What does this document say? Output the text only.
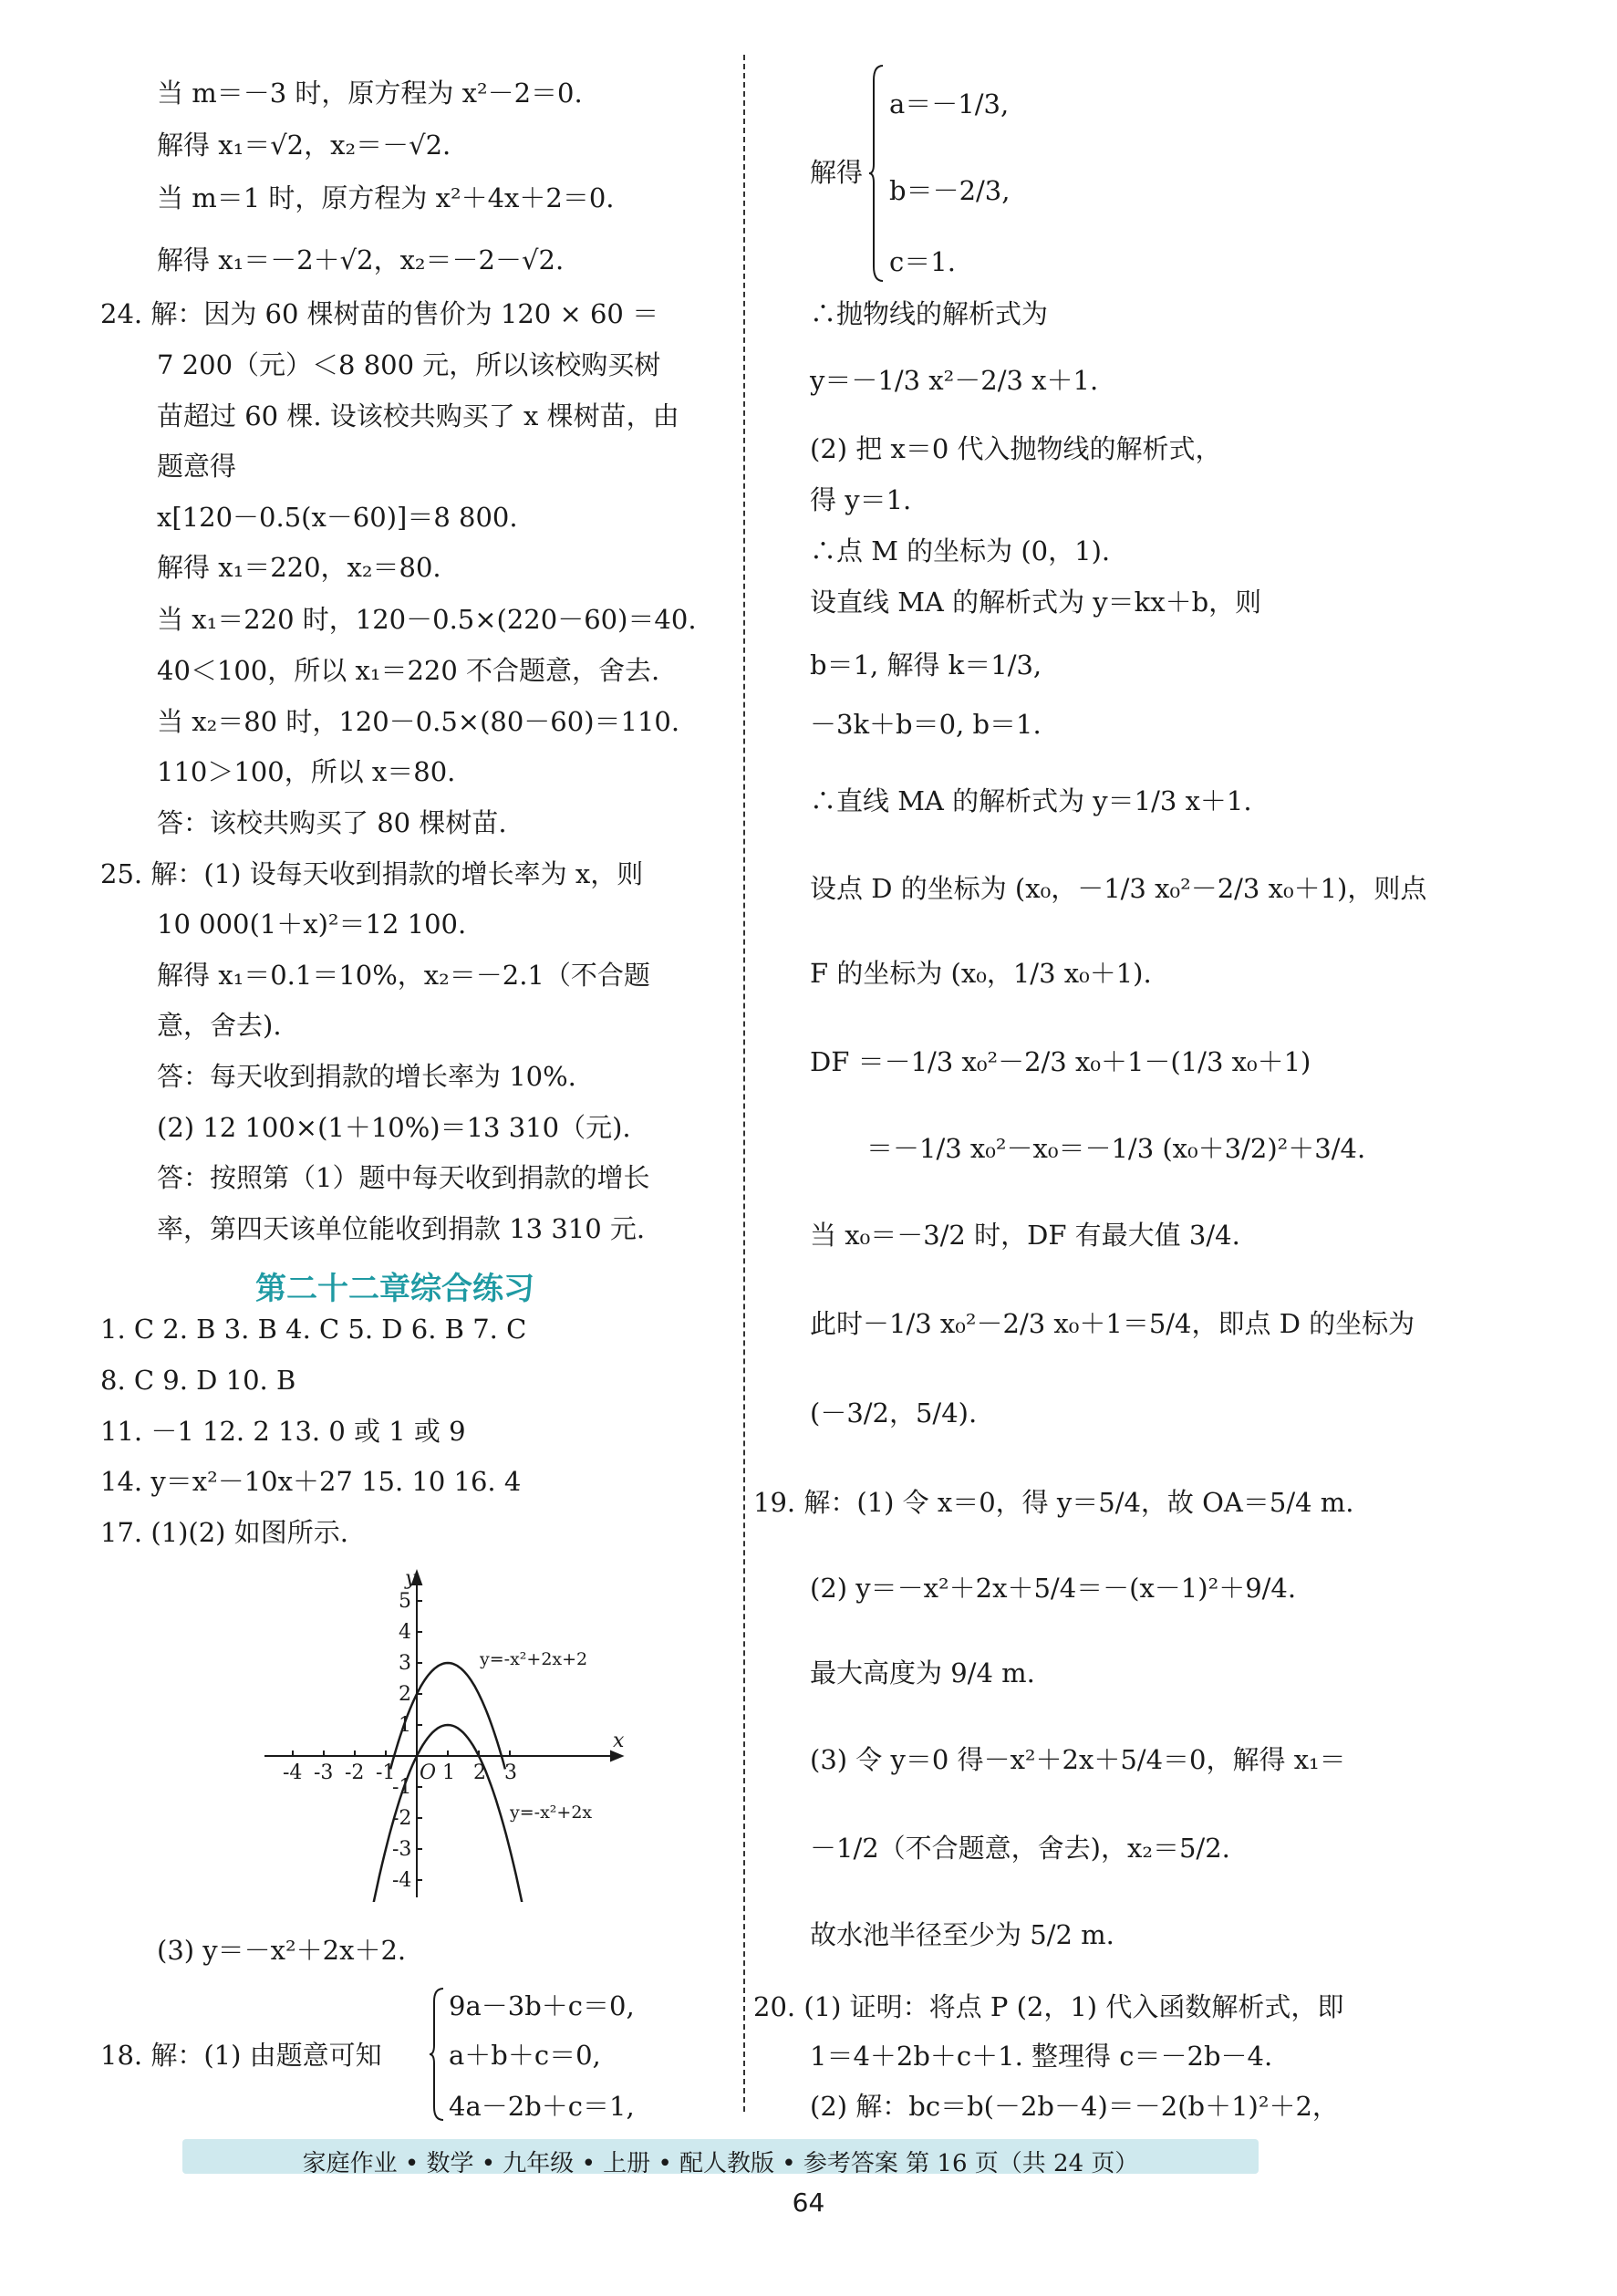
当 m＝－3 时，原方程为 x²－2＝0.
解得 x₁＝√2，x₂＝－√2.
当 m＝1 时，原方程为 x²＋4x＋2＝0.
解得 x₁＝－2＋√2，x₂＝－2－√2.
24. 解：因为 60 棵树苗的售价为 120 × 60 ＝
7 200（元）＜8 800 元，所以该校购买树
苗超过 60 棵. 设该校共购买了 x 棵树苗，由
题意得
x[120－0.5(x－60)]＝8 800.
解得 x₁＝220，x₂＝80.
当 x₁＝220 时，120－0.5×(220－60)＝40.
40＜100，所以 x₁＝220 不合题意，舍去.
当 x₂＝80 时，120－0.5×(80－60)＝110.
110＞100，所以 x＝80.
答：该校共购买了 80 棵树苗.
25. 解：(1) 设每天收到捐款的增长率为 x，则
10 000(1＋x)²＝12 100.
解得 x₁＝0.1＝10%，x₂＝－2.1（不合题
意，舍去).
答：每天收到捐款的增长率为 10%.
(2) 12 100×(1＋10%)＝13 310（元).
答：按照第（1）题中每天收到捐款的增长
率，第四天该单位能收到捐款 13 310 元.
第二十二章综合练习
1. C 2. B 3. B 4. C 5. D 6. B 7. C
8. C 9. D 10. B
11. －1 12. 2 13. 0 或 1 或 9
14. y＝x²－10x＋27 15. 10 16. 4
17. (1)(2) 如图所示.
y
x
O
-4 -3 -2 -1 1 2 3
5
4
3
2
1
-1
-2
-3
-4
y=-x²+2x+2
y=-x²+2x
(3) y＝－x²＋2x＋2.
9a－3b＋c＝0,
18. 解：(1) 由题意可知	a＋b＋c＝0,
4a－2b＋c＝1,
a＝－1/3,
解得
b＝－2/3,
c＝1.
∴抛物线的解析式为
y＝－1/3 x²－2/3 x＋1.
(2) 把 x＝0 代入抛物线的解析式，
得 y＝1.
∴点 M 的坐标为 (0，1).
设直线 MA 的解析式为 y＝kx＋b，则
b＝1, 解得 k＝1/3,
－3k＋b＝0, b＝1.
∴直线 MA 的解析式为 y＝1/3 x＋1.
设点 D 的坐标为 (x₀，－1/3 x₀²－2/3 x₀＋1)，则点
F 的坐标为 (x₀，1/3 x₀＋1).
DF ＝－1/3 x₀²－2/3 x₀＋1－(1/3 x₀＋1)
＝－1/3 x₀²－x₀＝－1/3 (x₀＋3/2)²＋3/4.
当 x₀＝－3/2 时，DF 有最大值 3/4.
此时－1/3 x₀²－2/3 x₀＋1＝5/4，即点 D 的坐标为
(－3/2，5/4).
19. 解：(1) 令 x＝0，得 y＝5/4，故 OA＝5/4 m.
(2) y＝－x²＋2x＋5/4＝－(x－1)²＋9/4.
最大高度为 9/4 m.
(3) 令 y＝0 得－x²＋2x＋5/4＝0，解得 x₁＝
－1/2（不合题意，舍去)，x₂＝5/2.
故水池半径至少为 5/2 m.
20. (1) 证明：将点 P (2，1) 代入函数解析式，即
1＝4＋2b＋c＋1. 整理得 c＝－2b－4.
(2) 解：bc＝b(－2b－4)＝－2(b＋1)²＋2，
家庭作业 • 数学 • 九年级 • 上册 • 配人教版 • 参考答案 第 16 页（共 24 页）
64
